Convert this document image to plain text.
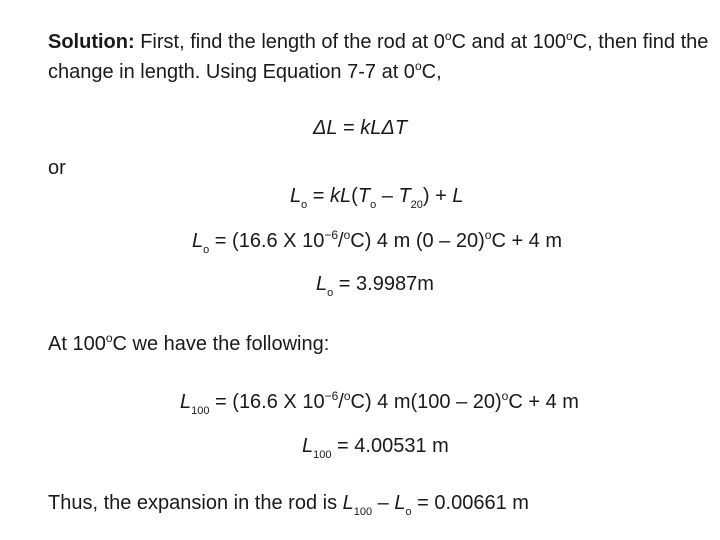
Solution: First, find the length of the rod at 0$^o$C and at 100$^o$C, then find the
change in length. Using Equation 7-7 at 0$^o$C,
ΔL = kLΔT
or
$L_o = kL(T_o - T_{20}) + L$
$L_o = (16.6$ X $10^{-6}/^oC$) 4 m (0 – 20)$^o$C + 4 m
$L_o = 3.9987m$
At 100$^o$C we have the following:
$L_{100} = (16.6$ X $10^{-6}/^oC$) 4 m(100 – 20)$^o$C + 4 m
$L_{100} = 4.00531$ m
Thus, the expansion in the rod is $L_{100} - L_o = 0.00661$ m
